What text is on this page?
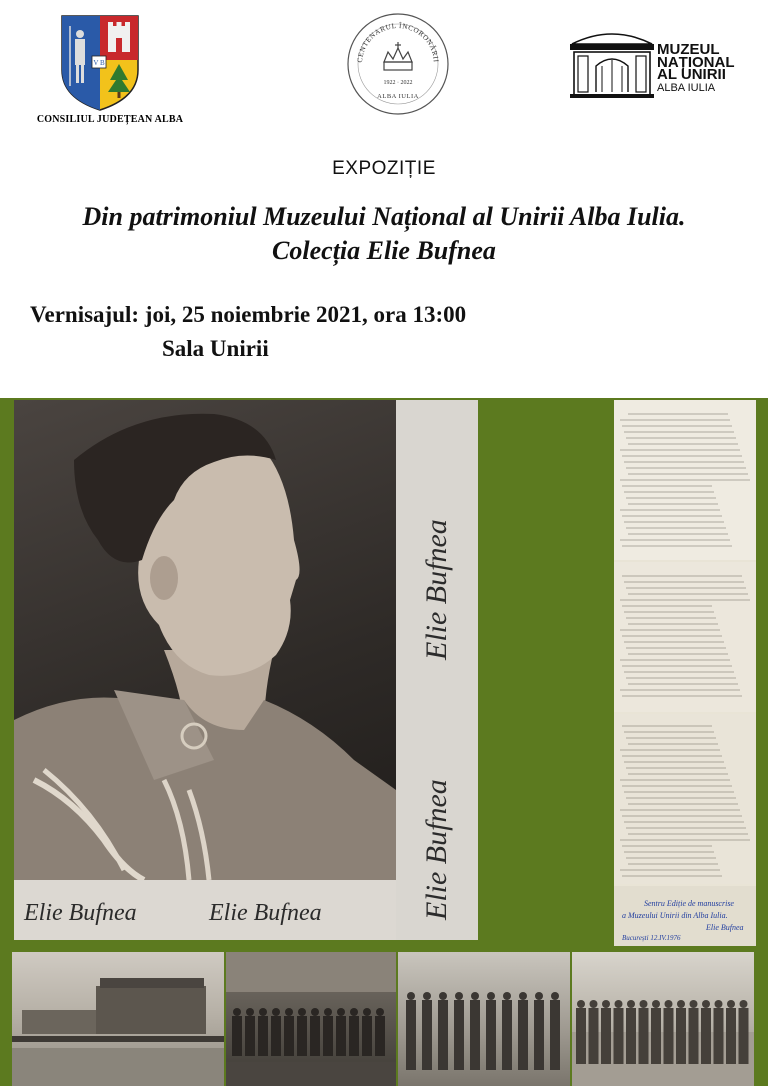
V B
CONSILIUL JUDEȚEAN ALBA
CENTENARUL ÎNCORONĂRII
1922 · 2022
ALBA IULIA
MUZEUL
NAȚIONAL
AL UNIRII
ALBA IULIA
EXPOZIȚIE
Din patrimoniul Muzeului Național al Unirii Alba Iulia.
Colecția Elie Bufnea
Vernisajul: joi, 25 noiembrie 2021, ora 13:00
Sala Unirii
Elie Bufnea	Elie Bufnea	Elie Bufnea
Elie Bufnea
Sentru Ediție de manuscrise
a Muzeului Unirii din Alba Iulia.
Elie Bufnea
București 12.IV.1976
